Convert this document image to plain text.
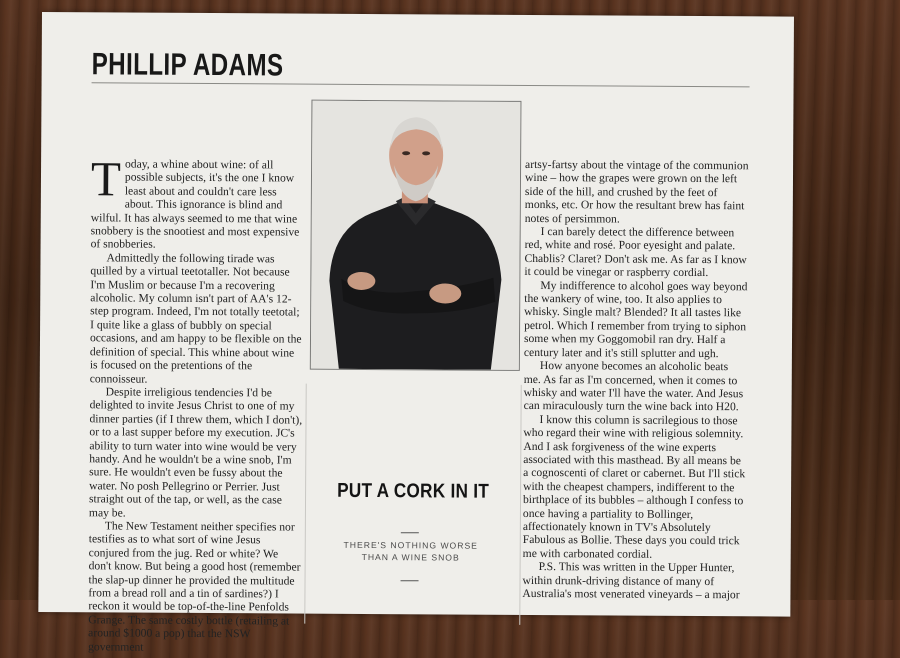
PHILLIP ADAMS

Today, a whine about wine: of all possible subjects, it's the one I know least about and couldn't care less about. This ignorance is blind and wilful. It has always seemed to me that wine snobbery is the snootiest and most expensive of snobberies.

Admittedly the following tirade was quilled by a virtual teetotaller. Not because I'm Muslim or because I'm a recovering alcoholic. My column isn't part of AA's 12-step program. Indeed, I'm not totally teetotal; I quite like a glass of bubbly on special occasions, and am happy to be flexible on the definition of special. This whine about wine is focused on the pretentions of the connoisseur.

Despite irreligious tendencies I'd be delighted to invite Jesus Christ to one of my dinner parties (if I threw them, which I don't), or to a last supper before my execution. JC's ability to turn water into wine would be very handy. And he wouldn't be a wine snob, I'm sure. He wouldn't even be fussy about the water. No posh Pellegrino or Perrier. Just straight out of the tap, or well, as the case may be.

The New Testament neither specifies nor testifies as to what sort of wine Jesus conjured from the jug. Red or white? We don't know. But being a good host (remember the slap-up dinner he provided the multitude from a bread roll and a tin of sardines?) I reckon it would be top-of-the-line Penfolds Grange. The same costly bottle (retailing at around $1000 a pop) that the NSW government

PUT A CORK IN IT
THERE'S NOTHING WORSE THAN A WINE SNOB

artsy-fartsy about the vintage of the communion wine – how the grapes were grown on the left side of the hill, and crushed by the feet of monks, etc. Or how the resultant brew has faint notes of persimmon.

I can barely detect the difference between red, white and rosé. Poor eyesight and palate. Chablis? Claret? Don't ask me. As far as I know it could be vinegar or raspberry cordial.

My indifference to alcohol goes way beyond the wankery of wine, too. It also applies to whisky. Single malt? Blended? It all tastes like petrol. Which I remember from trying to siphon some when my Goggomobil ran dry. Half a century later and it's still splutter and ugh.

How anyone becomes an alcoholic beats me. As far as I'm concerned, when it comes to whisky and water I'll have the water. And Jesus can miraculously turn the wine back into H20.

I know this column is sacrilegious to those who regard their wine with religious solemnity. And I ask forgiveness of the wine experts associated with this masthead. By all means be a cognoscenti of claret or cabernet. But I'll stick with the cheapest champers, indifferent to the birthplace of its bubbles – although I confess to once having a partiality to Bollinger, affectionately known in TV's Absolutely Fabulous as Bollie. These days you could trick me with carbonated cordial.

P.S. This was written in the Upper Hunter, within drunk-driving distance of many of Australia's most venerated vineyards – a major
